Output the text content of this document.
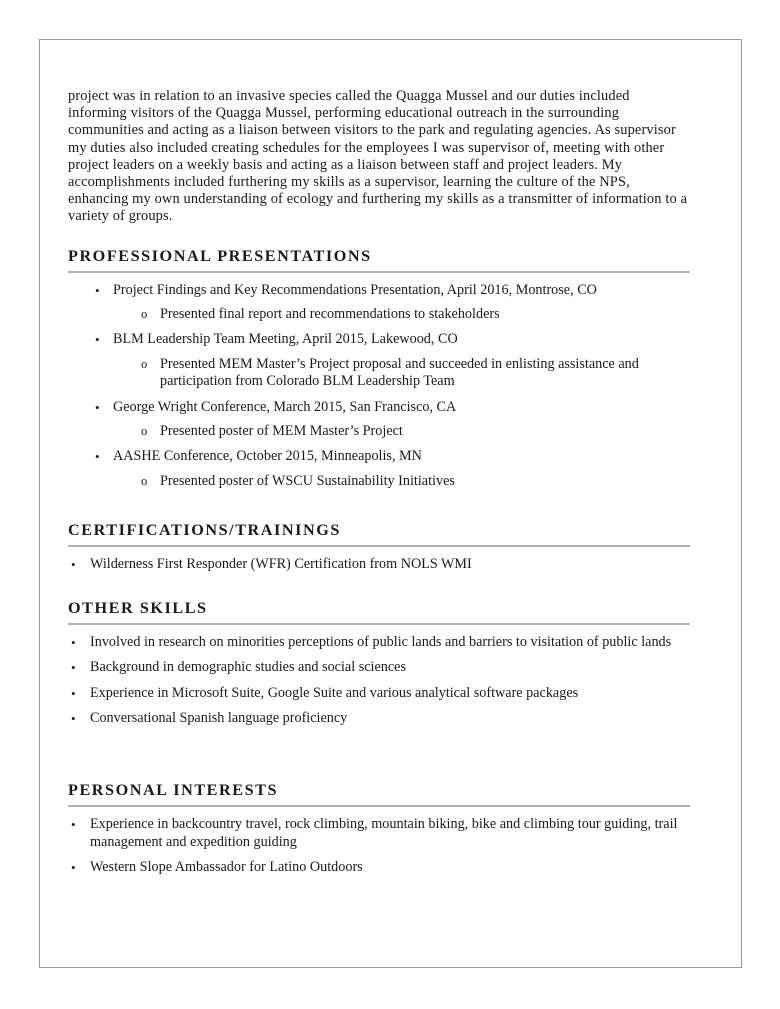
project was in relation to an invasive species called the Quagga Mussel and our duties included informing visitors of the Quagga Mussel, performing educational outreach in the surrounding communities and acting as a liaison between visitors to the park and regulating agencies. As supervisor my duties also included creating schedules for the employees I was supervisor of, meeting with other project leaders on a weekly basis and acting as a liaison between staff and project leaders. My accomplishments included furthering my skills as a supervisor, learning the culture of the NPS, enhancing my own understanding of ecology and furthering my skills as a transmitter of information to a variety of groups.

PROFESSIONAL PRESENTATIONS
• Project Findings and Key Recommendations Presentation, April 2016, Montrose, CO
o Presented final report and recommendations to stakeholders
• BLM Leadership Team Meeting, April 2015, Lakewood, CO
o Presented MEM Master’s Project proposal and succeeded in enlisting assistance and participation from Colorado BLM Leadership Team
• George Wright Conference, March 2015, San Francisco, CA
o Presented poster of MEM Master’s Project
• AASHE Conference, October 2015, Minneapolis, MN
o Presented poster of WSCU Sustainability Initiatives
CERTIFICATIONS/TRAININGS
• Wilderness First Responder (WFR) Certification from NOLS WMI
OTHER SKILLS
• Involved in research on minorities perceptions of public lands and barriers to visitation of public lands
• Background in demographic studies and social sciences
• Experience in Microsoft Suite, Google Suite and various analytical software packages
• Conversational Spanish language proficiency
PERSONAL INTERESTS
• Experience in backcountry travel, rock climbing, mountain biking, bike and climbing tour guiding, trail management and expedition guiding
• Western Slope Ambassador for Latino Outdoors
